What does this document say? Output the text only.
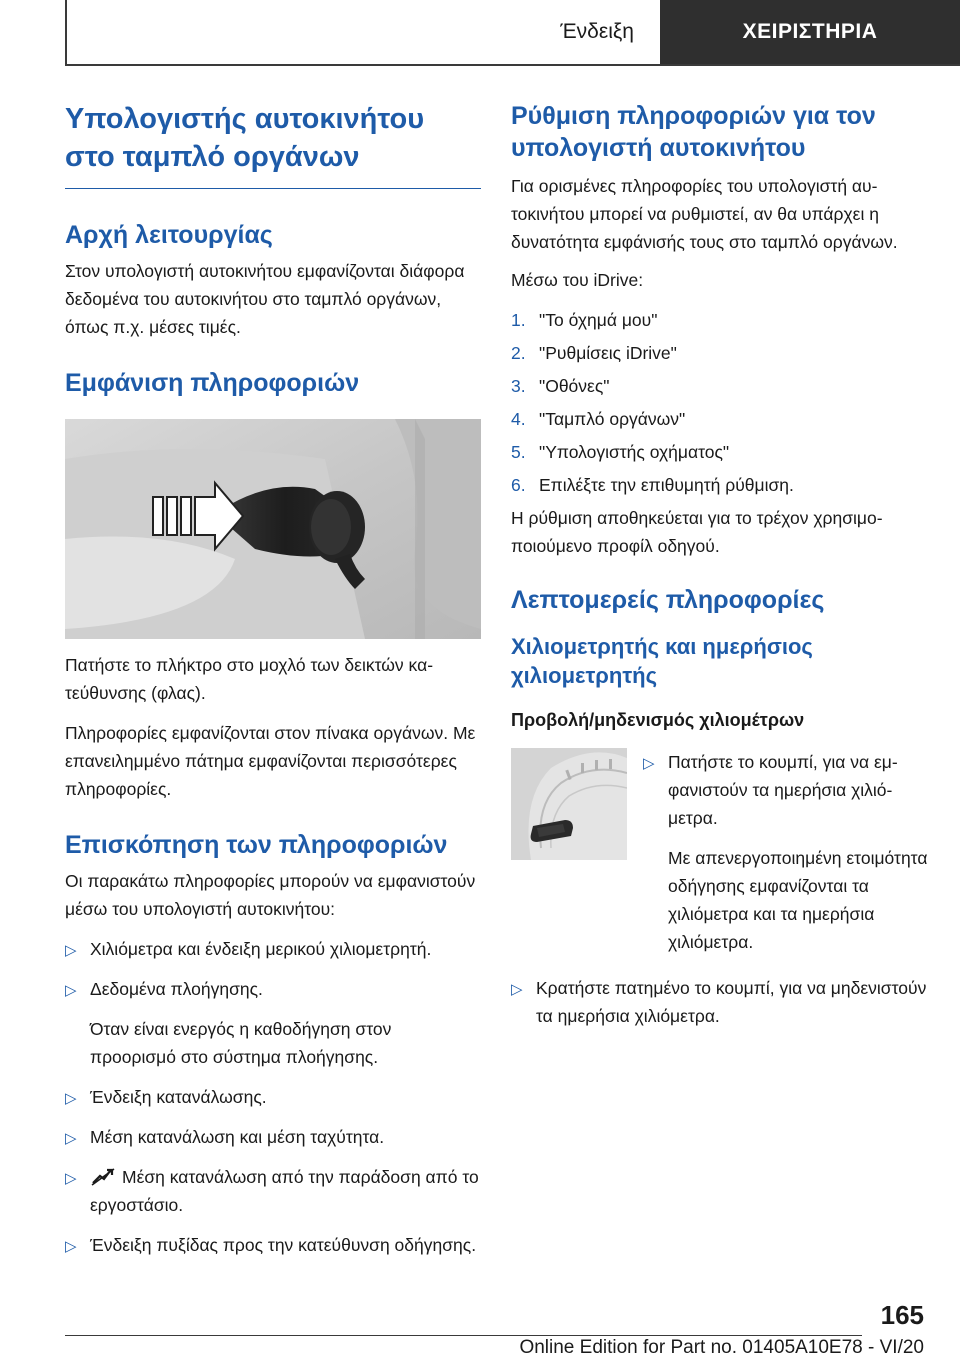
Ένδειξη	ΧΕΙΡΙΣΤΗΡΙΑ
Υπολογιστής αυτοκινήτου στο ταμπλό οργάνων
Αρχή λειτουργίας

Στον υπολογιστή αυτοκινήτου εμφανίζονται διάφορα δεδομένα του αυτοκινήτου στο ταμπλό οργάνων, όπως π.χ. μέσες τιμές.

Εμφάνιση πληροφοριών

Πατήστε το πλήκτρο στο μοχλό των δεικτών κατεύθυνσης (φλας).

Πληροφορίες εμφανίζονται στον πίνακα οργάνων. Με επανειλημμένο πάτημα εμφανίζονται περισσότερες πληροφορίες.

Επισκόπηση των πληροφοριών

Οι παρακάτω πληροφορίες μπορούν να εμφανιστούν μέσω του υπολογιστή αυτοκινήτου:

▷ Χιλιόμετρα και ένδειξη μερικού χιλιομετρητή.
▷ Δεδομένα πλοήγησης.

Όταν είναι ενεργός η καθοδήγηση στον προορισμό στο σύστημα πλοήγησης.

▷ Ένδειξη κατανάλωσης.
▷ Μέση κατανάλωση και μέση ταχύτητα.
▷	Μέση κατανάλωση από την παράδοση από το εργοστάσιο.
▷ Ένδειξη πυξίδας προς την κατεύθυνση οδήγησης.
Ρύθμιση πληροφοριών για τον υπολογιστή αυτοκινήτου

Για ορισμένες πληροφορίες του υπολογιστή αυτοκινήτου μπορεί να ρυθμιστεί, αν θα υπάρχει η δυνατότητα εμφάνισής τους στο ταμπλό οργάνων.

Μέσω του iDrive:

1. "Το όχημά μου"
2. "Ρυθμίσεις iDrive"
3. "Οθόνες"
4. "Ταμπλό οργάνων"
5. "Υπολογιστής οχήματος"
6. Επιλέξτε την επιθυμητή ρύθμιση.

Η ρύθμιση αποθηκεύεται για το τρέχον χρησιμοποιούμενο προφίλ οδηγού.

Λεπτομερείς πληροφορίες
Χιλιομετρητής και ημερήσιος χιλιομετρητής
Προβολή/μηδενισμός χιλιομέτρων
▷ Πατήστε το κουμπί, για να εμφανιστούν τα ημερήσια χιλιόμετρα.

Με απενεργοποιημένη ετοιμότητα οδήγησης εμφανίζονται τα χιλιόμετρα και τα ημερήσια χιλιόμετρα.

▷ Κρατήστε πατημένο το κουμπί, για να μηδενιστούν τα ημερήσια χιλιόμετρα.
165
Online Edition for Part no. 01405A10E78 - VI/20
